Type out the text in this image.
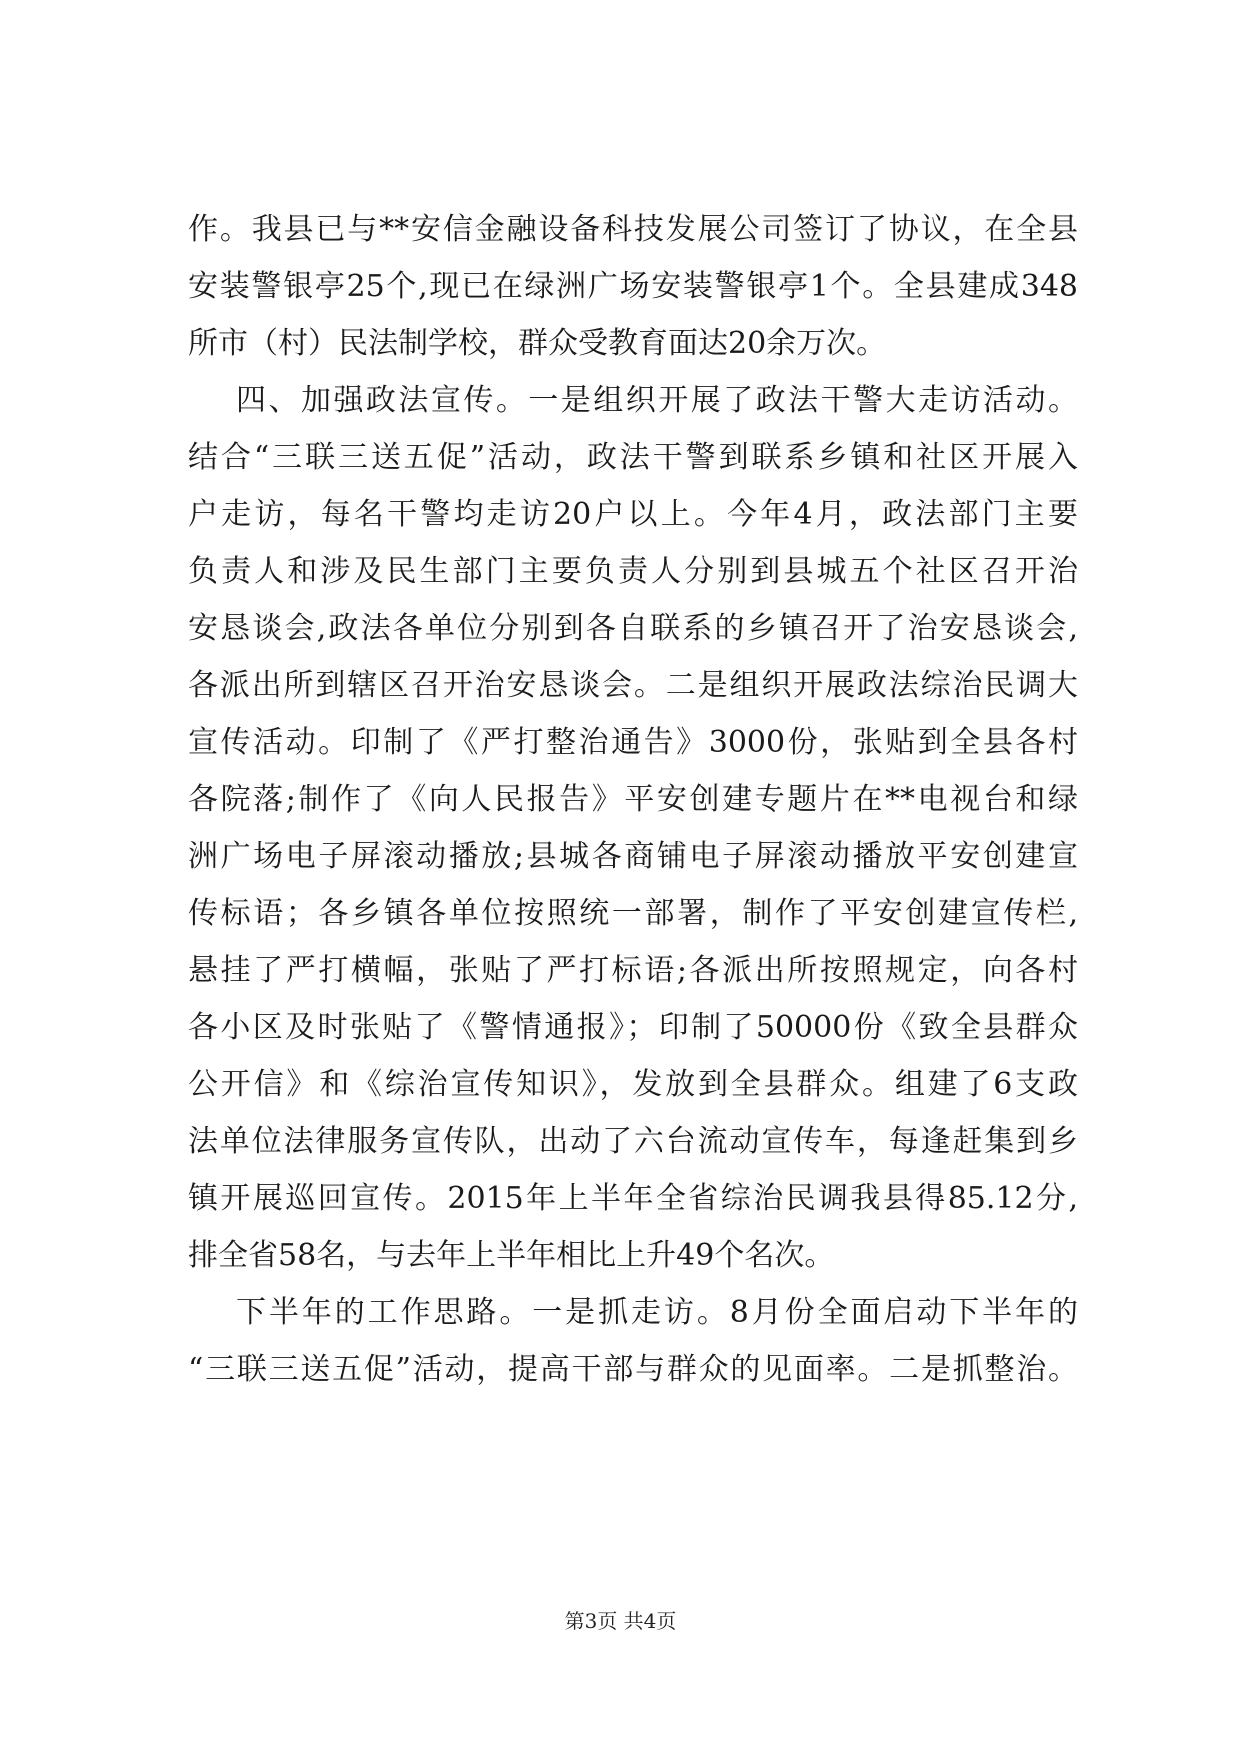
作。我县已与**安信金融设备科技发展公司签订了协议，在全县
安装警银亭25个,现已在绿洲广场安装警银亭1个。全县建成348
所市（村）民法制学校，群众受教育面达20余万次。
四、加强政法宣传。一是组织开展了政法干警大走访活动。
结合“三联三送五促”活动，政法干警到联系乡镇和社区开展入
户走访，每名干警均走访20户以上。今年4月，政法部门主要
负责人和涉及民生部门主要负责人分别到县城五个社区召开治
安恳谈会,政法各单位分别到各自联系的乡镇召开了治安恳谈会,
各派出所到辖区召开治安恳谈会。二是组织开展政法综治民调大
宣传活动。印制了《严打整治通告》3000份，张贴到全县各村
各院落;制作了《向人民报告》平安创建专题片在**电视台和绿
洲广场电子屏滚动播放;县城各商铺电子屏滚动播放平安创建宣
传标语；各乡镇各单位按照统一部署，制作了平安创建宣传栏,
悬挂了严打横幅，张贴了严打标语;各派出所按照规定，向各村
各小区及时张贴了《警情通报》；印制了50000份《致全县群众
公开信》和《综治宣传知识》，发放到全县群众。组建了6支政
法单位法律服务宣传队，出动了六台流动宣传车，每逢赶集到乡
镇开展巡回宣传。2015年上半年全省综治民调我县得85.12分,
排全省58名，与去年上半年相比上升49个名次。
下半年的工作思路。一是抓走访。8月份全面启动下半年的
“三联三送五促”活动，提高干部与群众的见面率。二是抓整治。
第3页 共4页
